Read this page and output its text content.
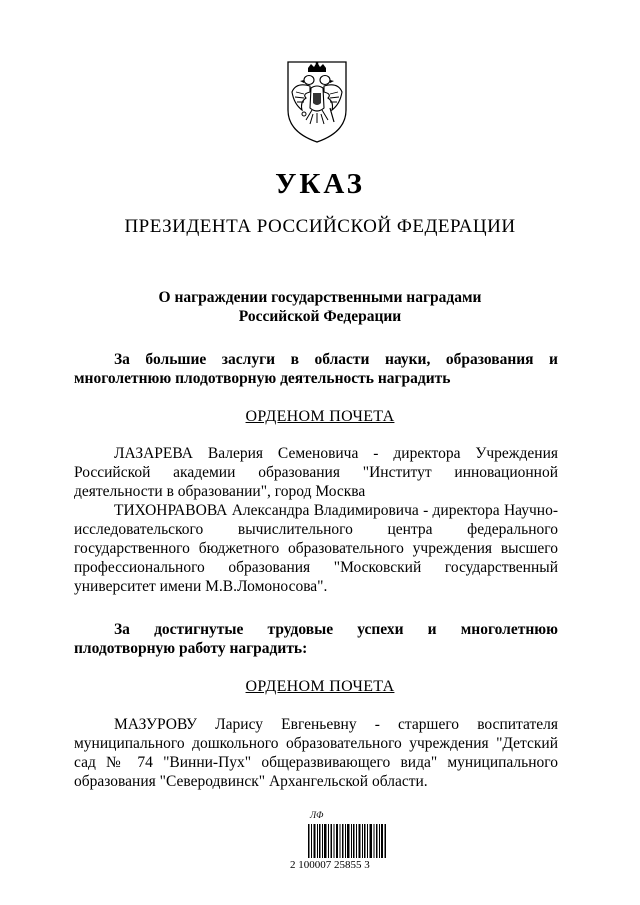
УКАЗ
ПРЕЗИДЕНТА РОССИЙСКОЙ ФЕДЕРАЦИИ
О награждении государственными наградами
Российской Федерации
За большие заслуги в области науки, образования и многолетнюю плодотворную деятельность наградить
ОРДЕНОМ ПОЧЕТА
ЛАЗАРЕВА Валерия Семеновича - директора Учреждения Российской академии образования "Институт инновационной деятельности в образовании", город Москва
ТИХОНРАВОВА Александра Владимировича - директора Научно-исследовательского вычислительного центра федерального государственного бюджетного образовательного учреждения высшего профессионального образования "Московский государственный университет имени М.В.Ломоносова".
За достигнутые трудовые успехи и многолетнюю плодотворную работу наградить:
ОРДЕНОМ ПОЧЕТА
МАЗУРОВУ Ларису Евгеньевну - старшего воспитателя муниципального дошкольного образовательного учреждения "Детский сад № 74 "Винни-Пух" общеразвивающего вида" муниципального образования "Северодвинск" Архангельской области.
ЛФ
2 100007 25855 3
